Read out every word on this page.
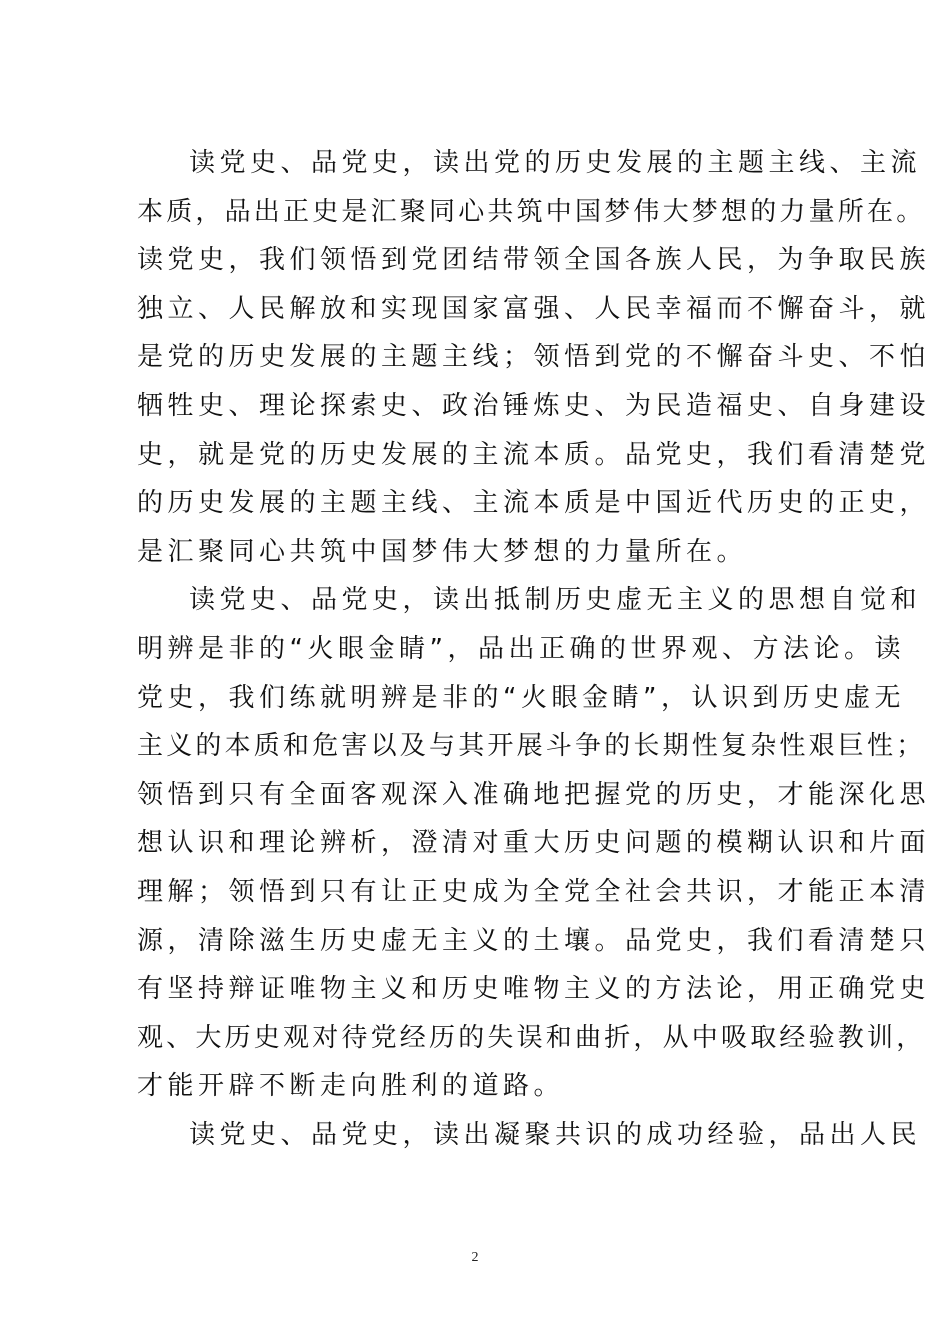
读党史、品党史，读出党的历史发展的主题主线、主流
本质，品出正史是汇聚同心共筑中国梦伟大梦想的力量所在。
读党史，我们领悟到党团结带领全国各族人民，为争取民族
独立、人民解放和实现国家富强、人民幸福而不懈奋斗，就
是党的历史发展的主题主线；领悟到党的不懈奋斗史、不怕
牺牲史、理论探索史、政治锤炼史、为民造福史、自身建设
史，就是党的历史发展的主流本质。品党史，我们看清楚党
的历史发展的主题主线、主流本质是中国近代历史的正史，
是汇聚同心共筑中国梦伟大梦想的力量所在。
读党史、品党史，读出抵制历史虚无主义的思想自觉和
明辨是非的“火眼金睛”，品出正确的世界观、方法论。读
党史，我们练就明辨是非的“火眼金睛”，认识到历史虚无
主义的本质和危害以及与其开展斗争的长期性复杂性艰巨性；
领悟到只有全面客观深入准确地把握党的历史，才能深化思
想认识和理论辨析，澄清对重大历史问题的模糊认识和片面
理解；领悟到只有让正史成为全党全社会共识，才能正本清
源，清除滋生历史虚无主义的土壤。品党史，我们看清楚只
有坚持辩证唯物主义和历史唯物主义的方法论，用正确党史
观、大历史观对待党经历的失误和曲折，从中吸取经验教训，
才能开辟不断走向胜利的道路。
读党史、品党史，读出凝聚共识的成功经验，品出人民
2
